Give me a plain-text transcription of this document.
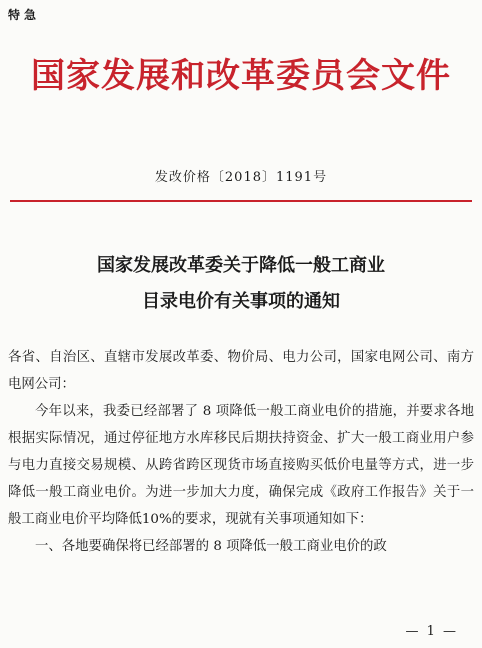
特急
国家发展和改革委员会文件
发改价格〔2018〕1191号
国家发展改革委关于降低一般工商业
目录电价有关事项的通知

各省、自治区、直辖市发展改革委、物价局、电力公司，国家电网公司、南方电网公司：

今年以来，我委已经部署了 8 项降低一般工商业电价的措施，并要求各地根据实际情况，通过停征地方水库移民后期扶持资金、扩大一般工商业用户参与电力直接交易规模、从跨省跨区现货市场直接购买低价电量等方式，进一步降低一般工商业电价。为进一步加大力度，确保完成《政府工作报告》关于一般工商业电价平均降低10%的要求，现就有关事项通知如下：

一、各地要确保将已经部署的 8 项降低一般工商业电价的政

— 1 —
